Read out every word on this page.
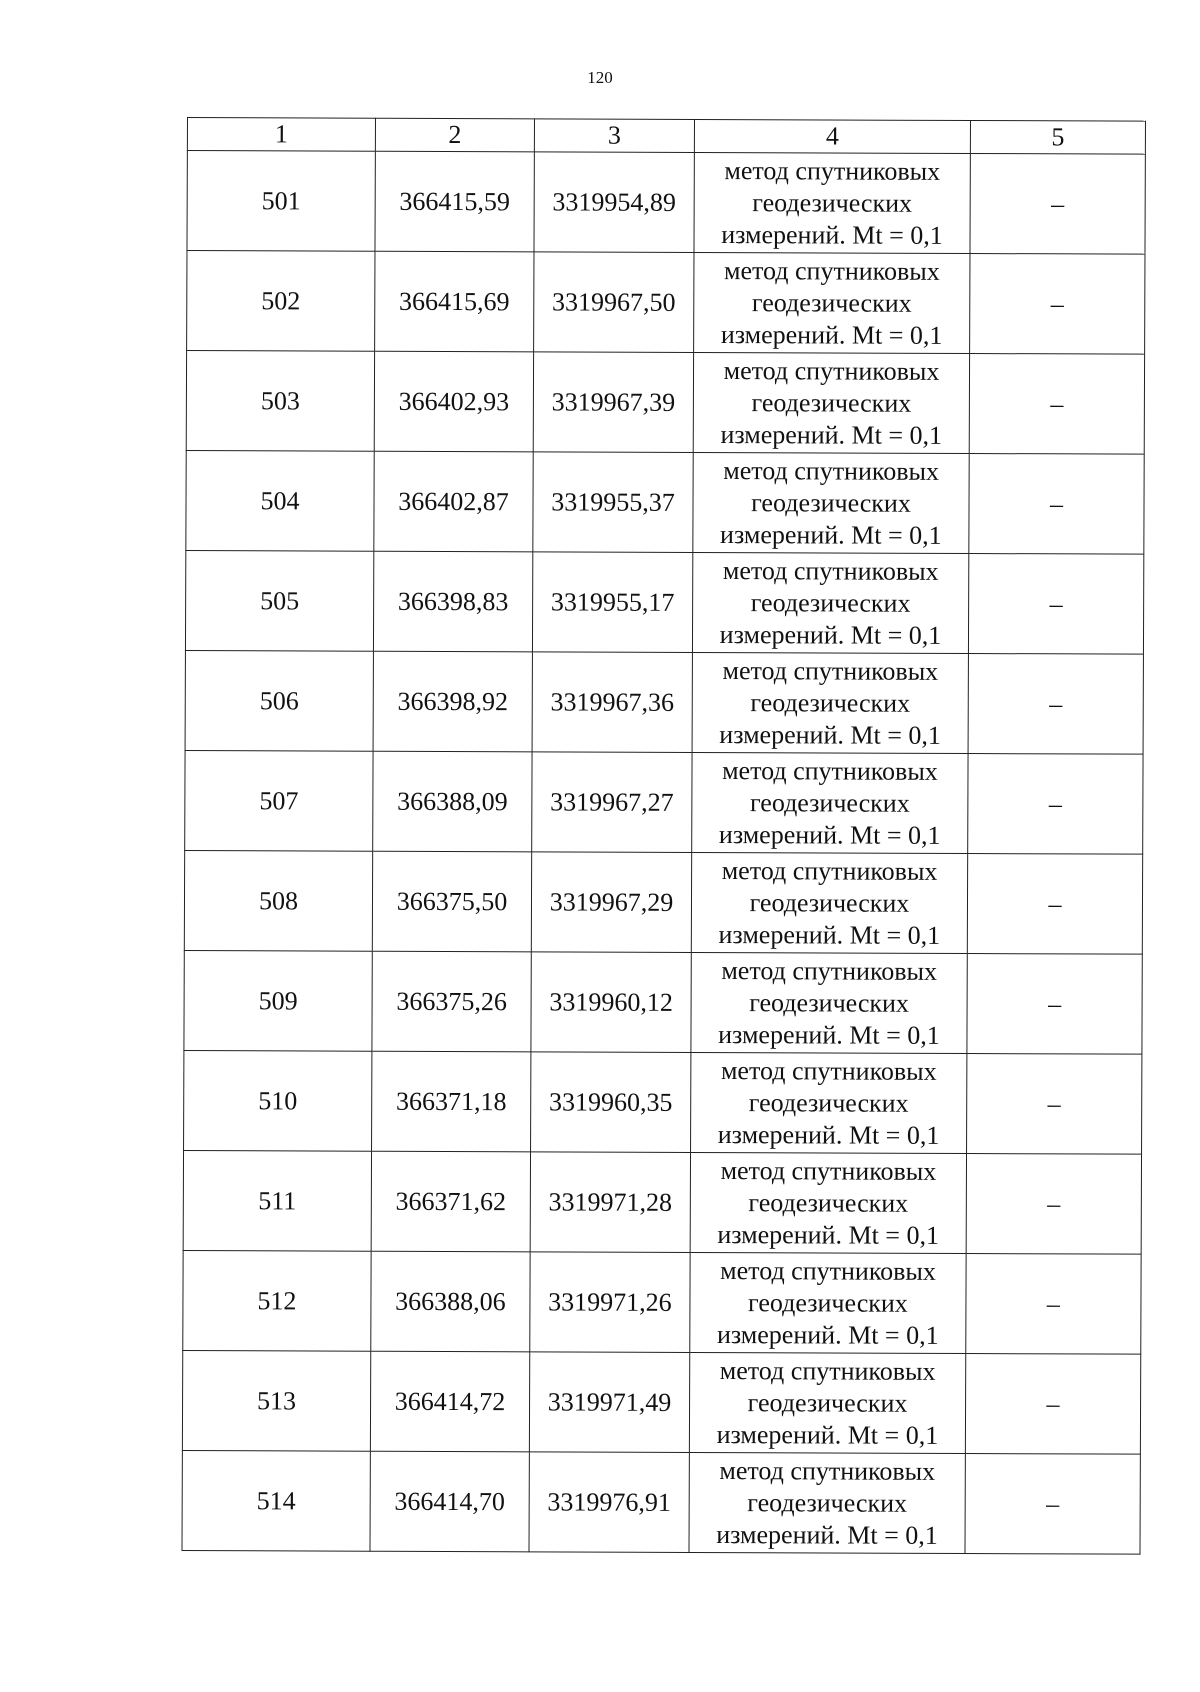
120
1	2	3	4	5
501	366415,59	3319954,89	метод спутниковых
геодезических
измерений. Mt = 0,1	–
502	366415,69	3319967,50	метод спутниковых
геодезических
измерений. Mt = 0,1	–
503	366402,93	3319967,39	метод спутниковых
геодезических
измерений. Mt = 0,1	–
504	366402,87	3319955,37	метод спутниковых
геодезических
измерений. Mt = 0,1	–
505	366398,83	3319955,17	метод спутниковых
геодезических
измерений. Mt = 0,1	–
506	366398,92	3319967,36	метод спутниковых
геодезических
измерений. Mt = 0,1	–
507	366388,09	3319967,27	метод спутниковых
геодезических
измерений. Mt = 0,1	–
508	366375,50	3319967,29	метод спутниковых
геодезических
измерений. Mt = 0,1	–
509	366375,26	3319960,12	метод спутниковых
геодезических
измерений. Mt = 0,1	–
510	366371,18	3319960,35	метод спутниковых
геодезических
измерений. Mt = 0,1	–
511	366371,62	3319971,28	метод спутниковых
геодезических
измерений. Mt = 0,1	–
512	366388,06	3319971,26	метод спутниковых
геодезических
измерений. Mt = 0,1	–
513	366414,72	3319971,49	метод спутниковых
геодезических
измерений. Mt = 0,1	–
514	366414,70	3319976,91	метод спутниковых
геодезических
измерений. Mt = 0,1	–
